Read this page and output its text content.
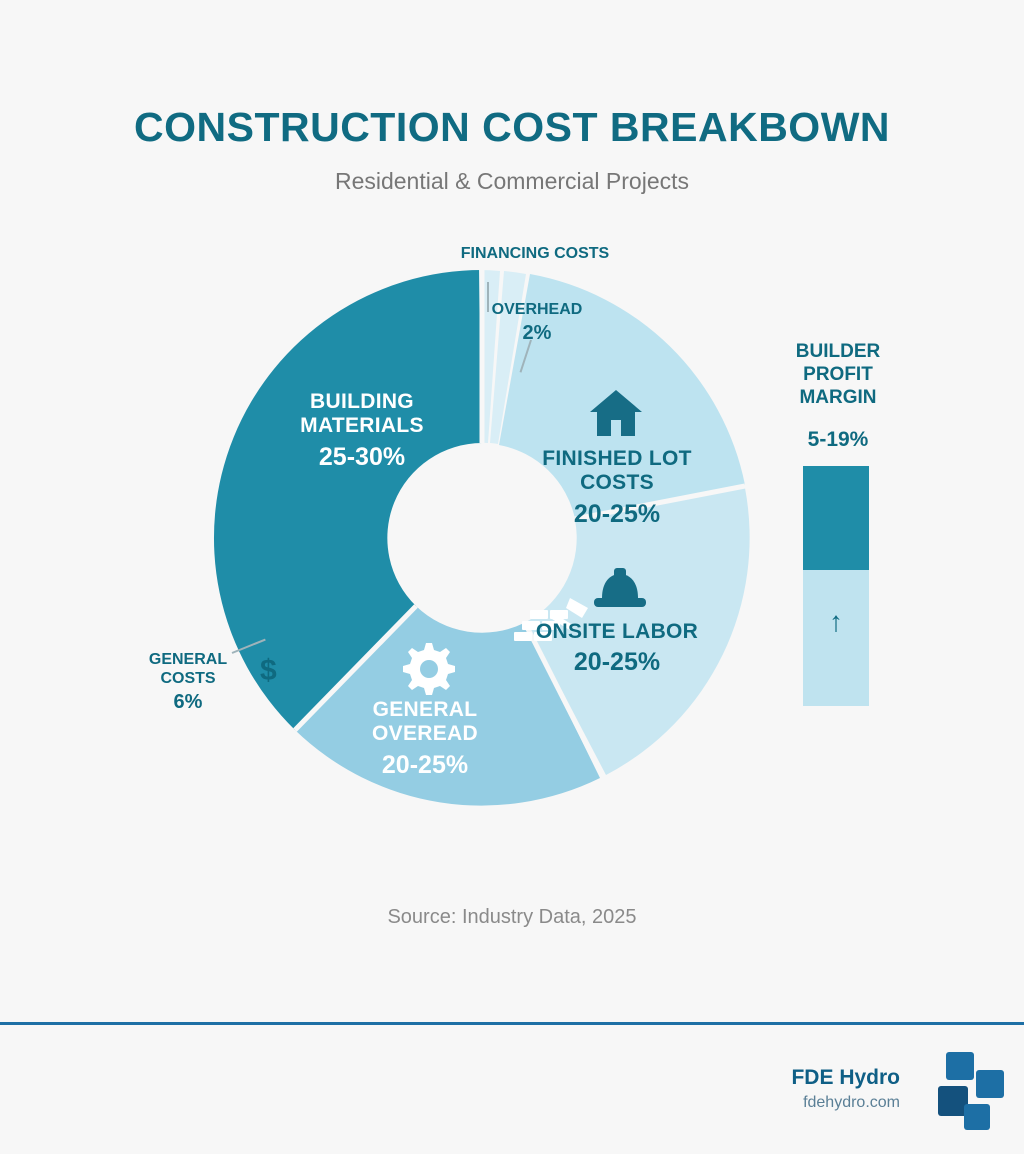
CONSTRUCTION COST BREAKBOWN
Residential & Commercial Projects
$
BUILDING MATERIALS
25-30%	FINISHED LOT COSTS
20-25%
ONSITE LABOR
20-25%
GENERAL OVEREAD
20-25%
FINANCING COSTS
OVERHEAD
2%
GENERAL COSTS
6%
BUILDER
PROFIT
MARGIN
5-19%
↑
Source: Industry Data, 2025
FDE Hydro
fdehydro.com
